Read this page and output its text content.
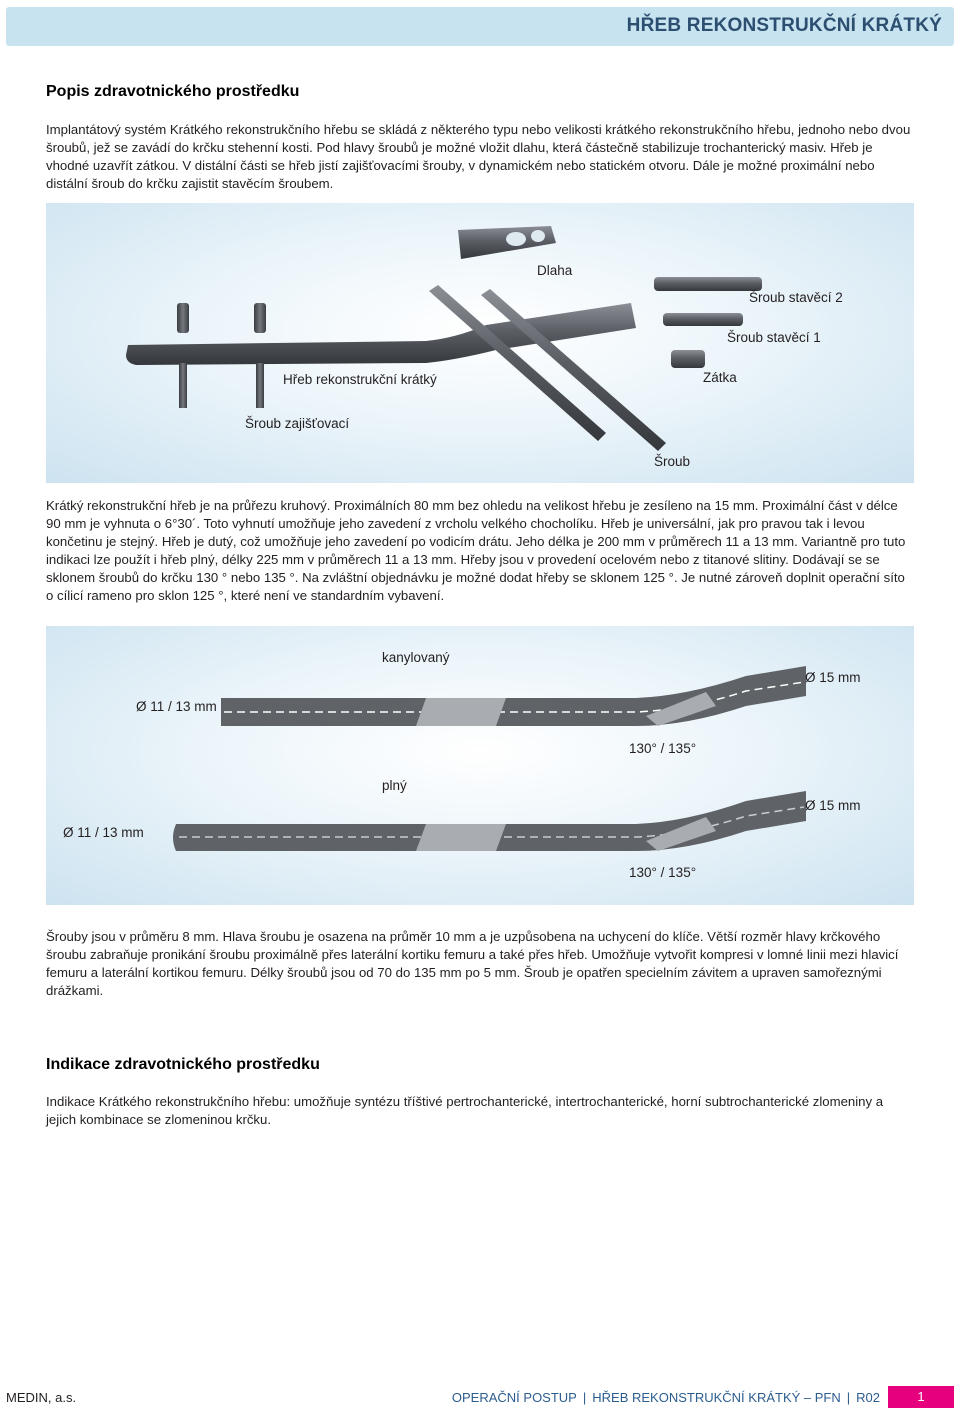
HŘEB REKONSTRUKČNÍ KRÁTKÝ
Popis zdravotnického prostředku
Implantátový systém Krátkého rekonstrukčního hřebu se skládá z některého typu nebo velikosti krátkého rekonstrukčního hřebu, jednoho nebo dvou šroubů, jež se zavádí do krčku stehenní kosti. Pod hlavy šroubů je možné vložit dlahu, která částečně stabilizuje trochanterický masiv. Hřeb je vhodné uzavřít zátkou. V distální části se hřeb jistí zajišťovacími šrouby, v dynamickém nebo statickém otvoru. Dále je možné proximální nebo distální šroub do krčku zajistit stavěcím šroubem.
Dlaha
Šroub stavěcí 2
Šroub stavěcí 1
Hřeb rekonstrukční krátký	Zátka
Šroub zajišťovací
Šroub
Krátký rekonstrukční hřeb je na průřezu kruhový. Proximálních 80 mm bez ohledu na velikost hřebu je zesíleno na 15 mm. Proximální část v délce 90 mm je vyhnuta o 6°30´. Toto vyhnutí umožňuje jeho zavedení z vrcholu velkého chocholíku. Hřeb je universální, jak pro pravou tak i levou končetinu je stejný. Hřeb je dutý, což umožňuje jeho zavedení po vodicím drátu. Jeho délka je 200 mm v průměrech 11 a 13 mm. Variantně pro tuto indikaci lze použít i hřeb plný, délky 225 mm v průměrech 11 a 13 mm. Hřeby jsou v provedení ocelovém nebo z titanové slitiny. Dodávají se se sklonem šroubů do krčku 130 ° nebo 135 °. Na zvláštní objednávku je možné dodat hřeby se sklonem 125 °. Je nutné zároveň doplnit operační síto o cílicí rameno pro sklon 125 °, které není ve standardním vybavení.
kanylovaný
Ø 15 mm
Ø 11 / 13 mm
130° / 135°
plný
Ø 15 mm
Ø 11 / 13 mm
130° / 135°
Šrouby jsou v průměru 8 mm. Hlava šroubu je osazena na průměr 10 mm a je uzpůsobena na uchycení do klíče. Větší rozměr hlavy krčkového šroubu zabraňuje pronikání šroubu proximálně přes laterální kortiku femuru a také přes hřeb. Umožňuje vytvořit kompresi v lomné linii mezi hlavicí femuru a laterální kortikou femuru. Délky šroubů jsou od 70 do 135 mm po 5 mm. Šroub je opatřen specielním závitem a upraven samořeznými drážkami.
Indikace zdravotnického prostředku
Indikace Krátkého rekonstrukčního hřebu: umožňuje syntézu tříštivé pertrochanterické, intertrochanterické, horní subtrochanterické zlomeniny a jejich kombinace se zlomeninou krčku.
MEDIN, a.s.	OPERAČNÍ POSTUP | HŘEB REKONSTRUKČNÍ KRÁTKÝ – PFN | R02	1
